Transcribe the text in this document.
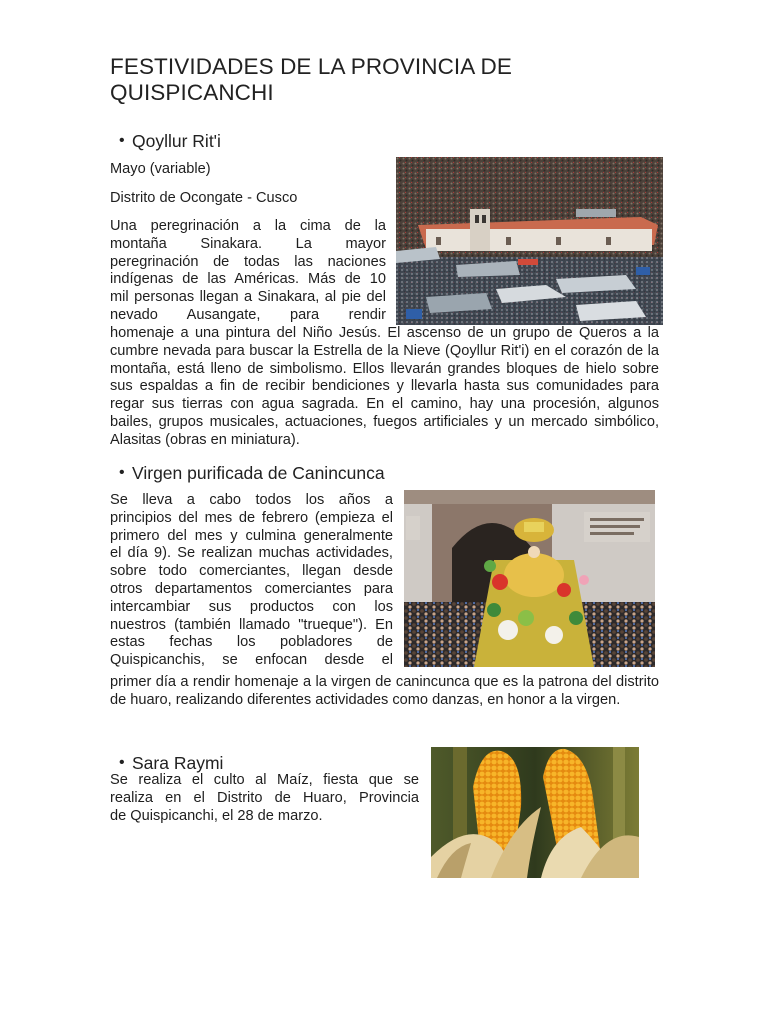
FESTIVIDADES DE LA PROVINCIA DE QUISPICANCHI
• Qoyllur Rit'i

Mayo (variable)

Distrito de Ocongate - Cusco

Una peregrinación a la cima de la

montaña Sinakara. La mayor

peregrinación de todas las naciones

indígenas de las Américas. Más de 10

mil personas llegan a Sinakara, al pie del

nevado Ausangate, para rendir

homenaje a una pintura del Niño Jesús. El ascenso de un grupo de Queros a la cumbre nevada para buscar la Estrella de la Nieve (Qoyllur Rit'i) en el corazón de la montaña, está lleno de simbolismo. Ellos llevarán grandes bloques de hielo sobre sus espaldas a fin de recibir bendiciones y llevarla hasta sus comunidades para regar sus tierras con agua sagrada. En el camino, hay una procesión, algunos bailes, grupos musicales, actuaciones, fuegos artificiales y un mercado simbólico, Alasitas (obras en miniatura).

• Virgen purificada de Canincunca

Se lleva a cabo todos los años a

principios del mes de febrero (empieza el

primero del mes y culmina generalmente

el día 9). Se realizan muchas actividades,

sobre todo comerciantes, llegan desde

otros departamentos comerciantes para

intercambiar sus productos con los

nuestros (también llamado "trueque"). En

estas fechas los pobladores de

Quispicanchis, se enfocan desde el

primer día a rendir homenaje a la virgen de canincunca que es la patrona del distrito de huaro, realizando diferentes actividades como danzas, en honor a la virgen.

• Sara Raymi

Se realiza el culto al Maíz, fiesta que se

realiza en el Distrito de Huaro, Provincia

de Quispicanchi, el 28 de marzo.
